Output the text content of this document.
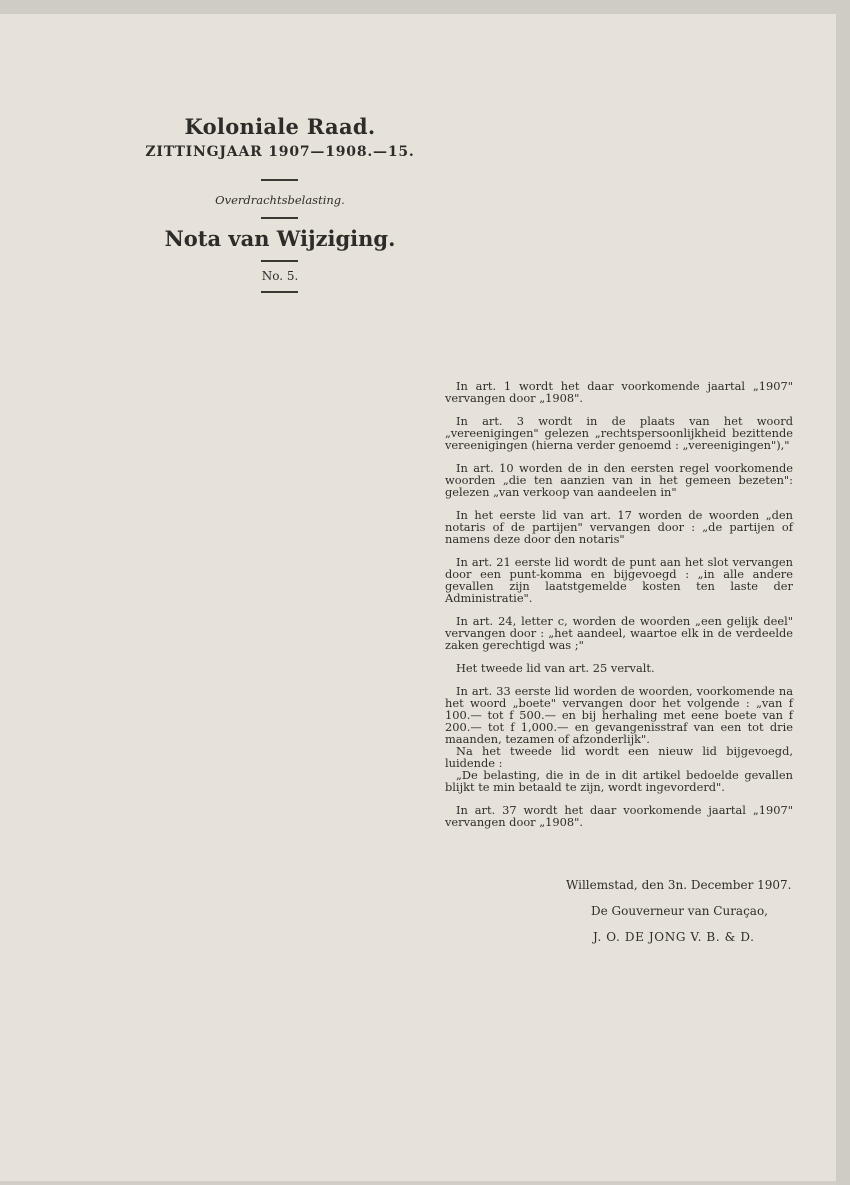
Koloniale Raad.
ZITTINGJAAR 1907—1908.—15.
Overdrachtsbelasting.
Nota van Wijziging.
No. 5.

In art. 1 wordt het daar voorkomende jaartal „1907" vervangen door „1908".

In art. 3 wordt in de plaats van het woord „vereenigingen" gelezen „rechtspersoonlijkheid bezittende vereenigingen (hierna verder genoemd : „vereenigingen"),"

In art. 10 worden de in den eersten regel voorkomende woorden „die ten aanzien van in het gemeen bezeten": gelezen „van verkoop van aandeelen in"

In het eerste lid van art. 17 worden de woorden „den notaris of de partijen" vervangen door : „de partijen of namens deze door den notaris"

In art. 21 eerste lid wordt de punt aan het slot vervangen door een punt-komma en bijgevoegd : „in alle andere gevallen zijn laatstgemelde kosten ten laste der Administratie".

In art. 24, letter c, worden de woorden „een gelijk deel" vervangen door : „het aandeel, waartoe elk in de verdeelde zaken gerechtigd was ;"

Het tweede lid van art. 25 vervalt.

In art. 33 eerste lid worden de woorden, voorkomende na het woord „boete" vervangen door het volgende : „van f 100.— tot f 500.— en bij herhaling met eene boete van f 200.— tot f 1,000.— en gevangenisstraf van een tot drie maanden, tezamen of afzonderlijk".

Na het tweede lid wordt een nieuw lid bijgevoegd, luidende :

„De belasting, die in de in dit artikel bedoelde gevallen blijkt te min betaald te zijn, wordt ingevorderd".

In art. 37 wordt het daar voorkomende jaartal „1907" vervangen door „1908".

Willemstad, den 3n. December 1907.
De Gouverneur van Curaçao,
J. O. DE JONG V. B. & D.
